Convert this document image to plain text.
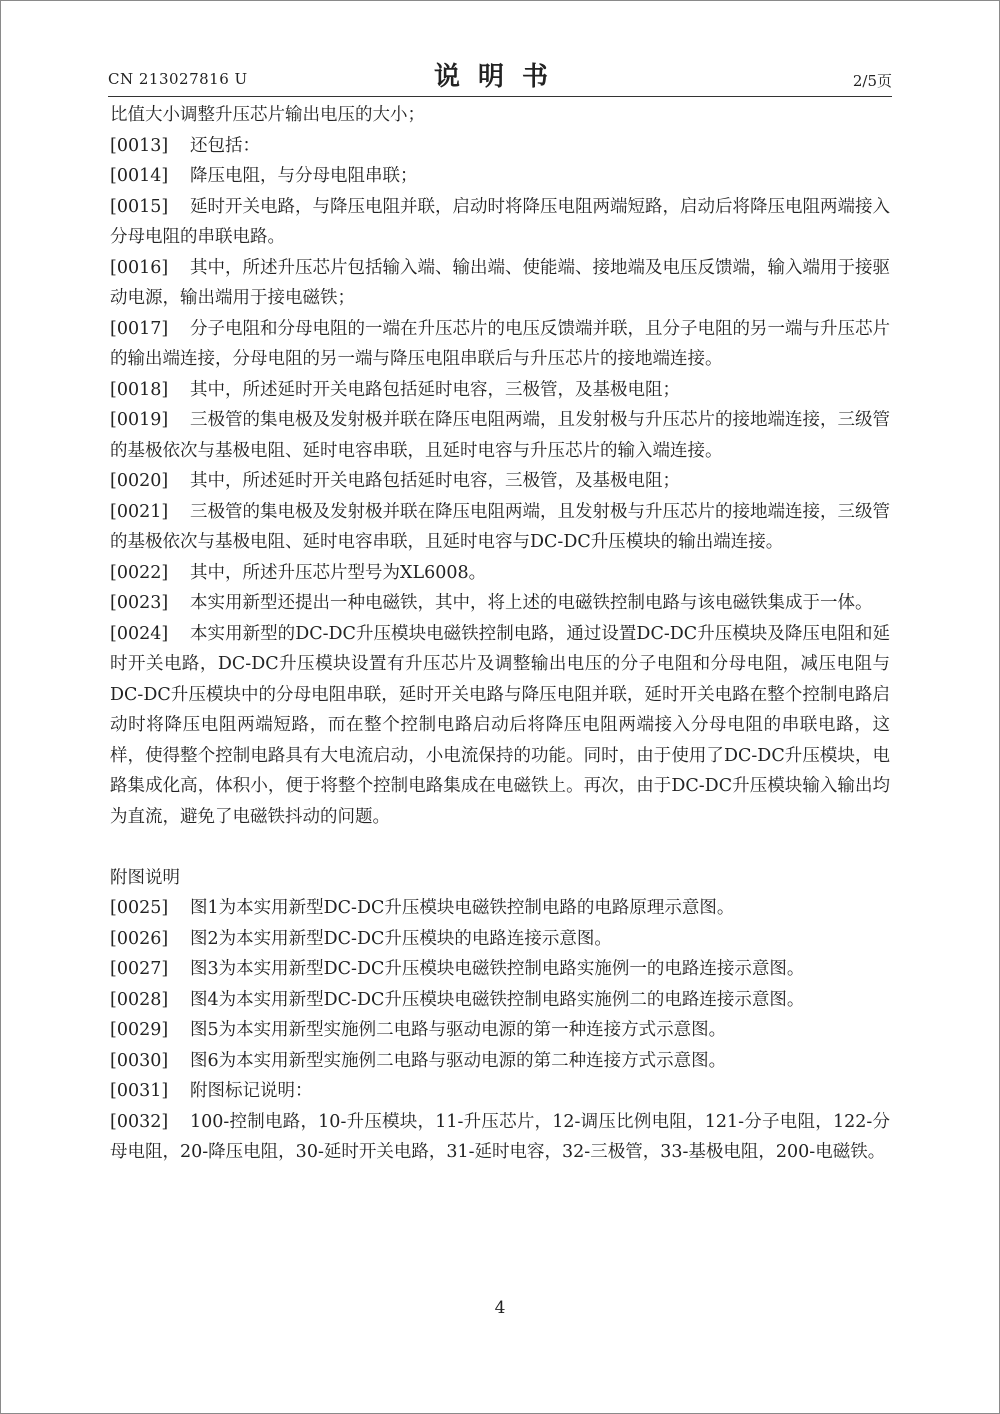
CN 213027816 U	说明书	2/5页

比值大小调整升压芯片输出电压的大小；

[0013] 还包括：

[0014] 降压电阻，与分母电阻串联；

[0015] 延时开关电路，与降压电阻并联，启动时将降压电阻两端短路，启动后将降压电阻两端接入分母电阻的串联电路。

[0016] 其中，所述升压芯片包括输入端、输出端、使能端、接地端及电压反馈端，输入端用于接驱动电源，输出端用于接电磁铁；

[0017] 分子电阻和分母电阻的一端在升压芯片的电压反馈端并联，且分子电阻的另一端与升压芯片的输出端连接，分母电阻的另一端与降压电阻串联后与升压芯片的接地端连接。

[0018] 其中，所述延时开关电路包括延时电容，三极管，及基极电阻；

[0019] 三极管的集电极及发射极并联在降压电阻两端，且发射极与升压芯片的接地端连接，三级管的基极依次与基极电阻、延时电容串联，且延时电容与升压芯片的输入端连接。

[0020] 其中，所述延时开关电路包括延时电容，三极管，及基极电阻；

[0021] 三极管的集电极及发射极并联在降压电阻两端，且发射极与升压芯片的接地端连接，三级管的基极依次与基极电阻、延时电容串联，且延时电容与DC-DC升压模块的输出端连接。

[0022] 其中，所述升压芯片型号为XL6008。

[0023] 本实用新型还提出一种电磁铁，其中，将上述的电磁铁控制电路与该电磁铁集成于一体。

[0024] 本实用新型的DC-DC升压模块电磁铁控制电路，通过设置DC-DC升压模块及降压电阻和延时开关电路，DC-DC升压模块设置有升压芯片及调整输出电压的分子电阻和分母电阻，减压电阻与DC-DC升压模块中的分母电阻串联，延时开关电路与降压电阻并联，延时开关电路在整个控制电路启动时将降压电阻两端短路，而在整个控制电路启动后将降压电阻两端接入分母电阻的串联电路，这样，使得整个控制电路具有大电流启动，小电流保持的功能。同时，由于使用了DC-DC升压模块，电路集成化高，体积小，便于将整个控制电路集成在电磁铁上。再次，由于DC-DC升压模块输入输出均为直流，避免了电磁铁抖动的问题。

附图说明

[0025] 图1为本实用新型DC-DC升压模块电磁铁控制电路的电路原理示意图。

[0026] 图2为本实用新型DC-DC升压模块的电路连接示意图。

[0027] 图3为本实用新型DC-DC升压模块电磁铁控制电路实施例一的电路连接示意图。

[0028] 图4为本实用新型DC-DC升压模块电磁铁控制电路实施例二的电路连接示意图。

[0029] 图5为本实用新型实施例二电路与驱动电源的第一种连接方式示意图。

[0030] 图6为本实用新型实施例二电路与驱动电源的第二种连接方式示意图。

[0031] 附图标记说明：

[0032] 100-控制电路，10-升压模块，11-升压芯片，12-调压比例电阻，121-分子电阻，122-分母电阻，20-降压电阻，30-延时开关电路，31-延时电容，32-三极管，33-基极电阻，200-电磁铁。

4
